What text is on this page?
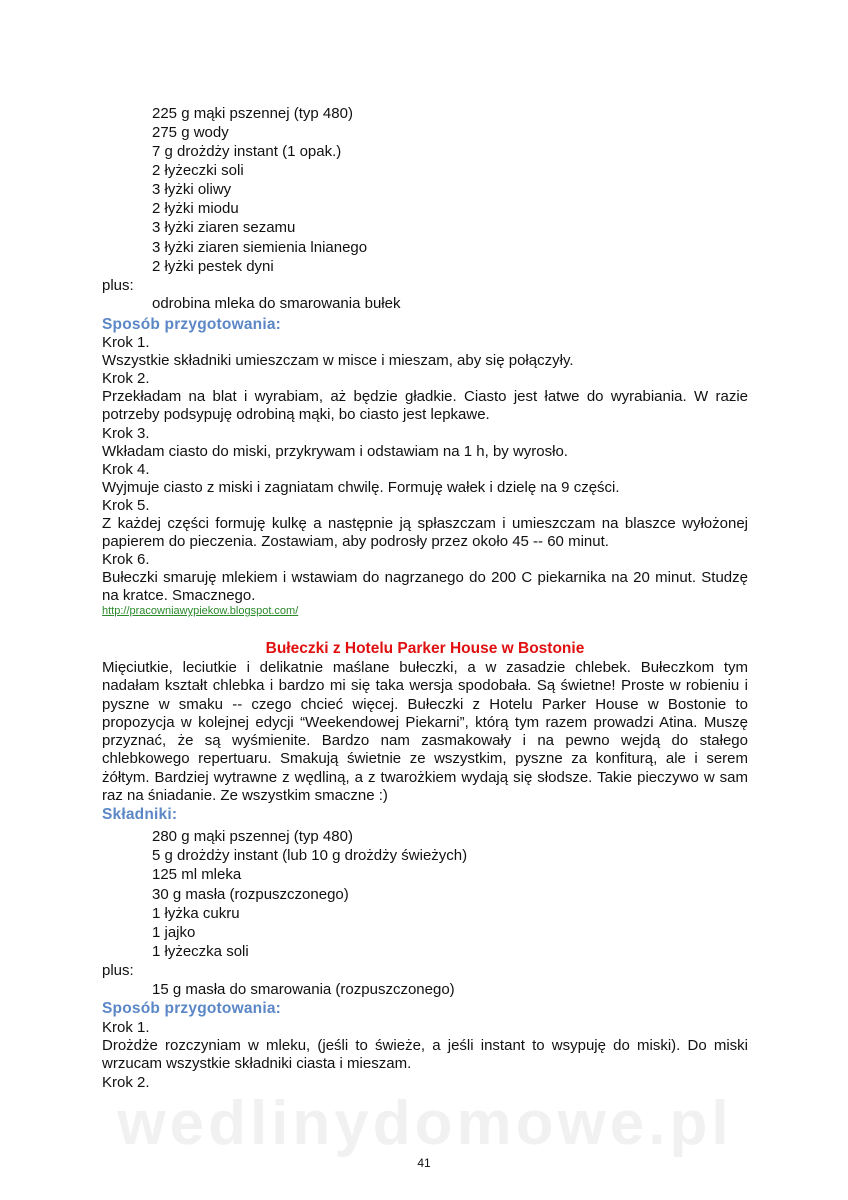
225 g mąki pszennej (typ 480)
275 g wody
7 g drożdży instant (1 opak.)
2 łyżeczki soli
3 łyżki oliwy
2 łyżki miodu
3 łyżki ziaren sezamu
3 łyżki ziaren siemienia lnianego
2 łyżki pestek dyni
plus:
odrobina mleka do smarowania bułek
Sposób przygotowania:
Krok 1.
Wszystkie składniki umieszczam w misce i mieszam, aby się połączyły.
Krok 2.
Przekładam na blat i wyrabiam, aż będzie gładkie. Ciasto jest łatwe do wyrabiania. W razie potrzeby podsypuję odrobiną mąki, bo ciasto jest lepkawe.
Krok 3.
Wkładam ciasto do miski, przykrywam i odstawiam na 1 h, by wyrosło.
Krok 4.
Wyjmuje ciasto z miski i zagniatam chwilę. Formuję wałek i dzielę na 9 części.
Krok 5.
Z każdej części formuję kulkę a następnie ją spłaszczam i umieszczam na blaszce wyłożonej papierem do pieczenia. Zostawiam, aby podrosły przez około 45 -- 60 minut.
Krok 6.
Bułeczki smaruję mlekiem i wstawiam do nagrzanego do 200 C piekarnika na 20 minut. Studzę na kratce. Smacznego.
http://pracowniawypiekow.blogspot.com/
Bułeczki z Hotelu Parker House w Bostonie
Mięciutkie, leciutkie i delikatnie maślane bułeczki, a w zasadzie chlebek. Bułeczkom tym nadałam kształt chlebka i bardzo mi się taka wersja spodobała. Są świetne! Proste w robieniu i pyszne w smaku -- czego chcieć więcej. Bułeczki z Hotelu Parker House w Bostonie to propozycja w kolejnej edycji “Weekendowej Piekarni”, którą tym razem prowadzi Atina. Muszę przyznać, że są wyśmienite. Bardzo nam zasmakowały i na pewno wejdą do stałego chlebkowego repertuaru. Smakują świetnie ze wszystkim, pyszne za konfiturą, ale i serem żółtym. Bardziej wytrawne z wędliną, a z twarożkiem wydają się słodsze. Takie pieczywo w sam raz na śniadanie. Ze wszystkim smaczne :)
Składniki:
280 g mąki pszennej (typ 480)
5 g drożdży instant (lub 10 g drożdży świeżych)
125 ml mleka
30 g masła (rozpuszczonego)
1 łyżka cukru
1 jajko
1 łyżeczka soli
plus:
15 g masła do smarowania (rozpuszczonego)
Sposób przygotowania:
Krok 1.
Drożdże rozczyniam w mleku, (jeśli to świeże, a jeśli instant to wsypuję do miski). Do miski wrzucam wszystkie składniki ciasta i mieszam.
Krok 2.
wedlinydomowe.pl
41
